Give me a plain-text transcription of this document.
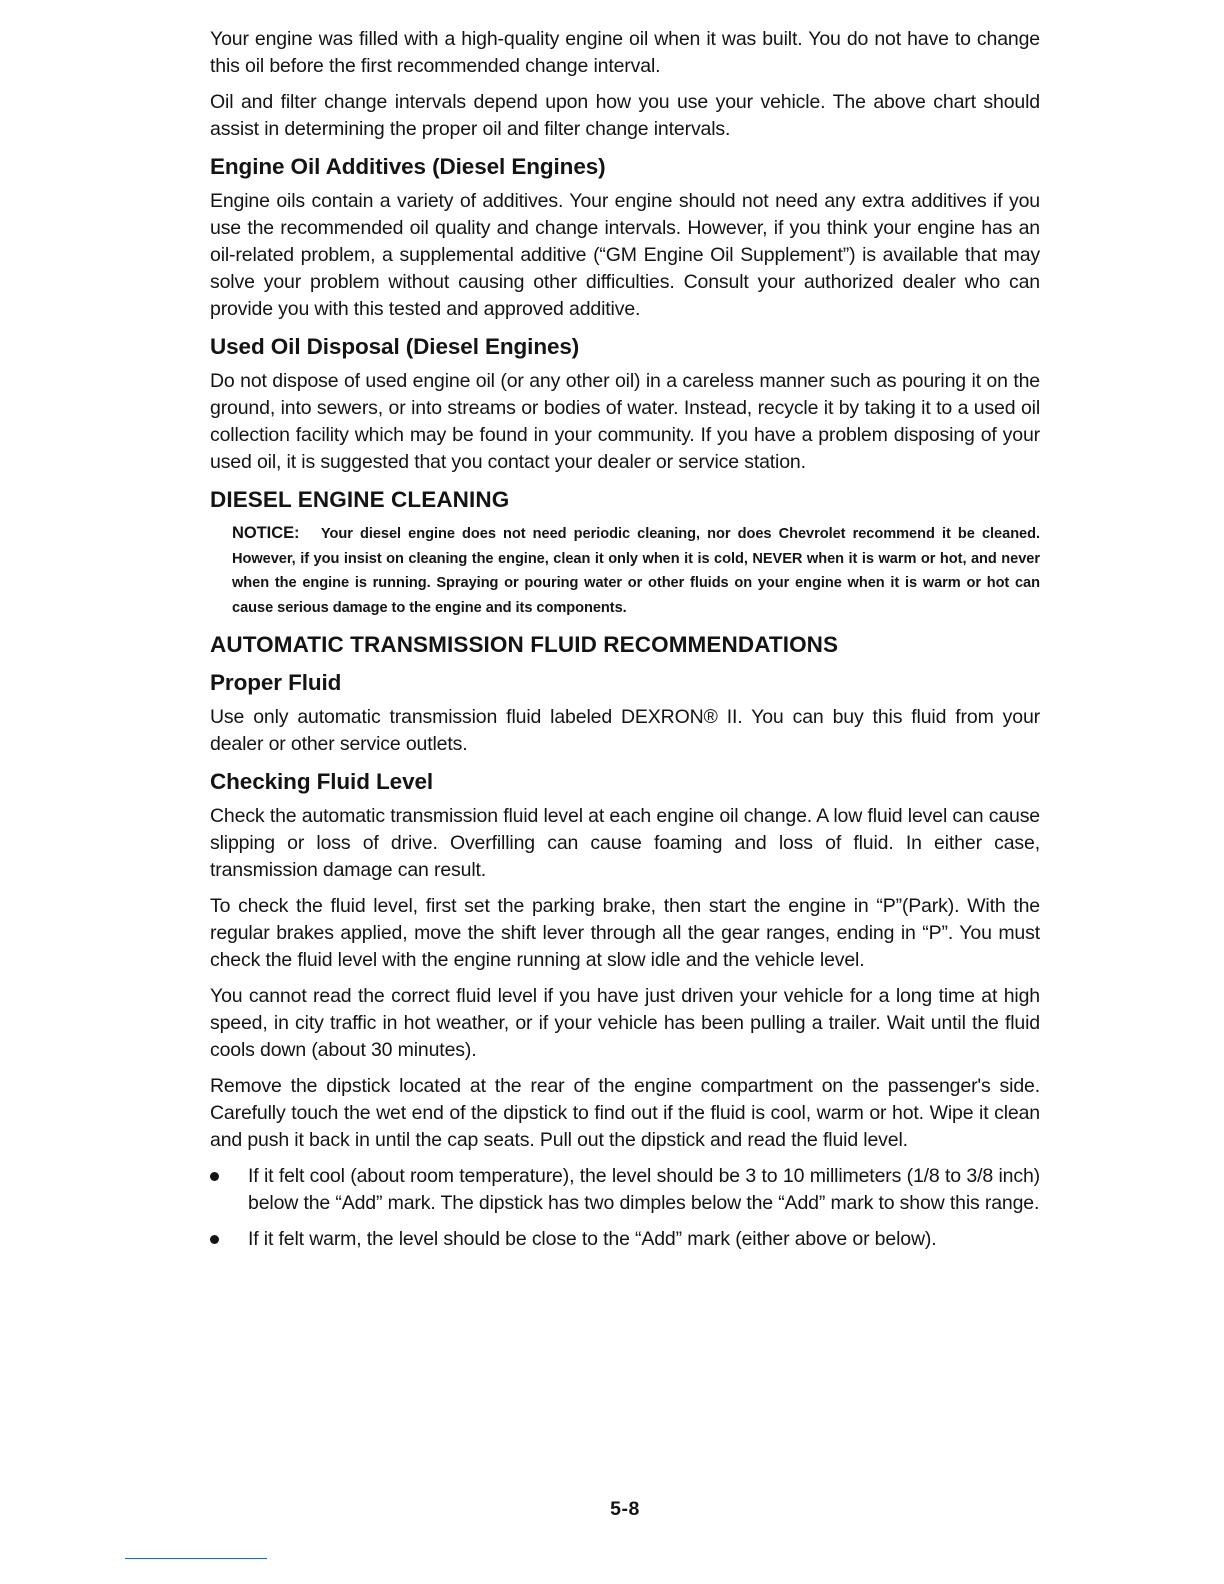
Your engine was filled with a high-quality engine oil when it was built. You do not have to change this oil before the first recommended change interval.

Oil and filter change intervals depend upon how you use your vehicle. The above chart should assist in determining the proper oil and filter change intervals.

Engine Oil Additives (Diesel Engines)

Engine oils contain a variety of additives. Your engine should not need any extra additives if you use the recommended oil quality and change intervals. However, if you think your engine has an oil-related problem, a supplemental additive (“GM Engine Oil Supplement”) is available that may solve your problem without causing other difficulties. Consult your authorized dealer who can provide you with this tested and approved additive.

Used Oil Disposal (Diesel Engines)

Do not dispose of used engine oil (or any other oil) in a careless manner such as pouring it on the ground, into sewers, or into streams or bodies of water. Instead, recycle it by taking it to a used oil collection facility which may be found in your community. If you have a problem disposing of your used oil, it is suggested that you contact your dealer or service station.

DIESEL ENGINE CLEANING
NOTICE: Your diesel engine does not need periodic cleaning, nor does Chevrolet recommend it be cleaned. However, if you insist on cleaning the engine, clean it only when it is cold, NEVER when it is warm or hot, and never when the engine is running. Spraying or pouring water or other fluids on your engine when it is warm or hot can cause serious damage to the engine and its components.
AUTOMATIC TRANSMISSION FLUID RECOMMENDATIONS
Proper Fluid

Use only automatic transmission fluid labeled DEXRON® II. You can buy this fluid from your dealer or other service outlets.

Checking Fluid Level

Check the automatic transmission fluid level at each engine oil change. A low fluid level can cause slipping or loss of drive. Overfilling can cause foaming and loss of fluid. In either case, transmission damage can result.

To check the fluid level, first set the parking brake, then start the engine in “P”(Park). With the regular brakes applied, move the shift lever through all the gear ranges, ending in “P”. You must check the fluid level with the engine running at slow idle and the vehicle level.

You cannot read the correct fluid level if you have just driven your vehicle for a long time at high speed, in city traffic in hot weather, or if your vehicle has been pulling a trailer. Wait until the fluid cools down (about 30 minutes).

Remove the dipstick located at the rear of the engine compartment on the passenger's side. Carefully touch the wet end of the dipstick to find out if the fluid is cool, warm or hot. Wipe it clean and push it back in until the cap seats. Pull out the dipstick and read the fluid level.

If it felt cool (about room temperature), the level should be 3 to 10 millimeters (1/8 to 3/8 inch) below the “Add” mark. The dipstick has two dimples below the “Add” mark to show this range.
If it felt warm, the level should be close to the “Add” mark (either above or below).
5-8
